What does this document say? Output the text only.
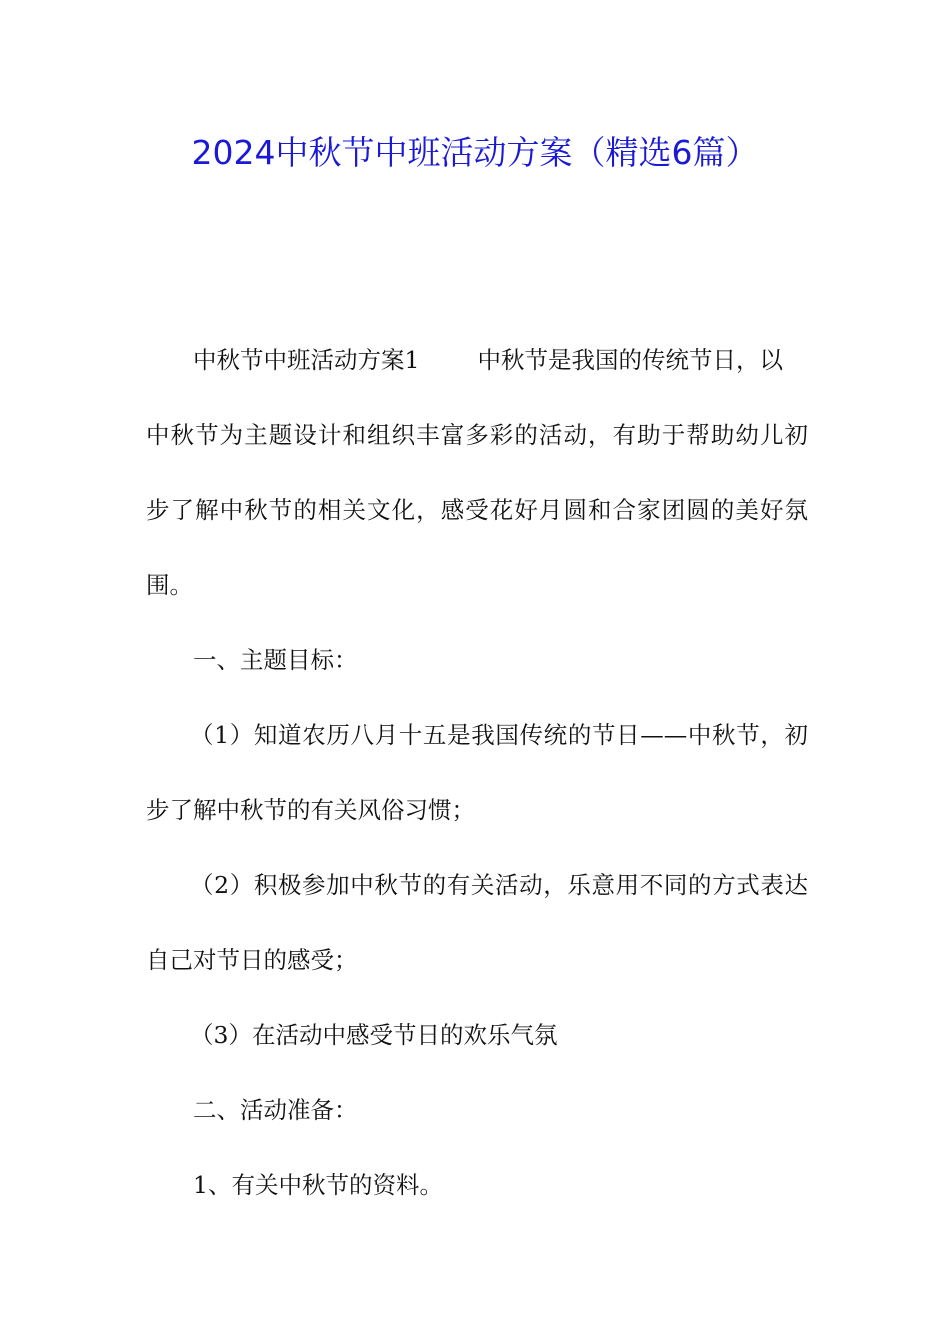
2024中秋节中班活动方案（精选6篇）
中秋节中班活动方案1 中秋节是我国的传统节日，以
中秋节为主题设计和组织丰富多彩的活动，有助于帮助幼儿初
步了解中秋节的相关文化，感受花好月圆和合家团圆的美好氛
围。
一、主题目标：
（1）知道农历八月十五是我国传统的节日——中秋节，初
步了解中秋节的有关风俗习惯；
（2）积极参加中秋节的有关活动，乐意用不同的方式表达
自己对节日的感受；
（3）在活动中感受节日的欢乐气氛
二、活动准备：
1、有关中秋节的资料。
